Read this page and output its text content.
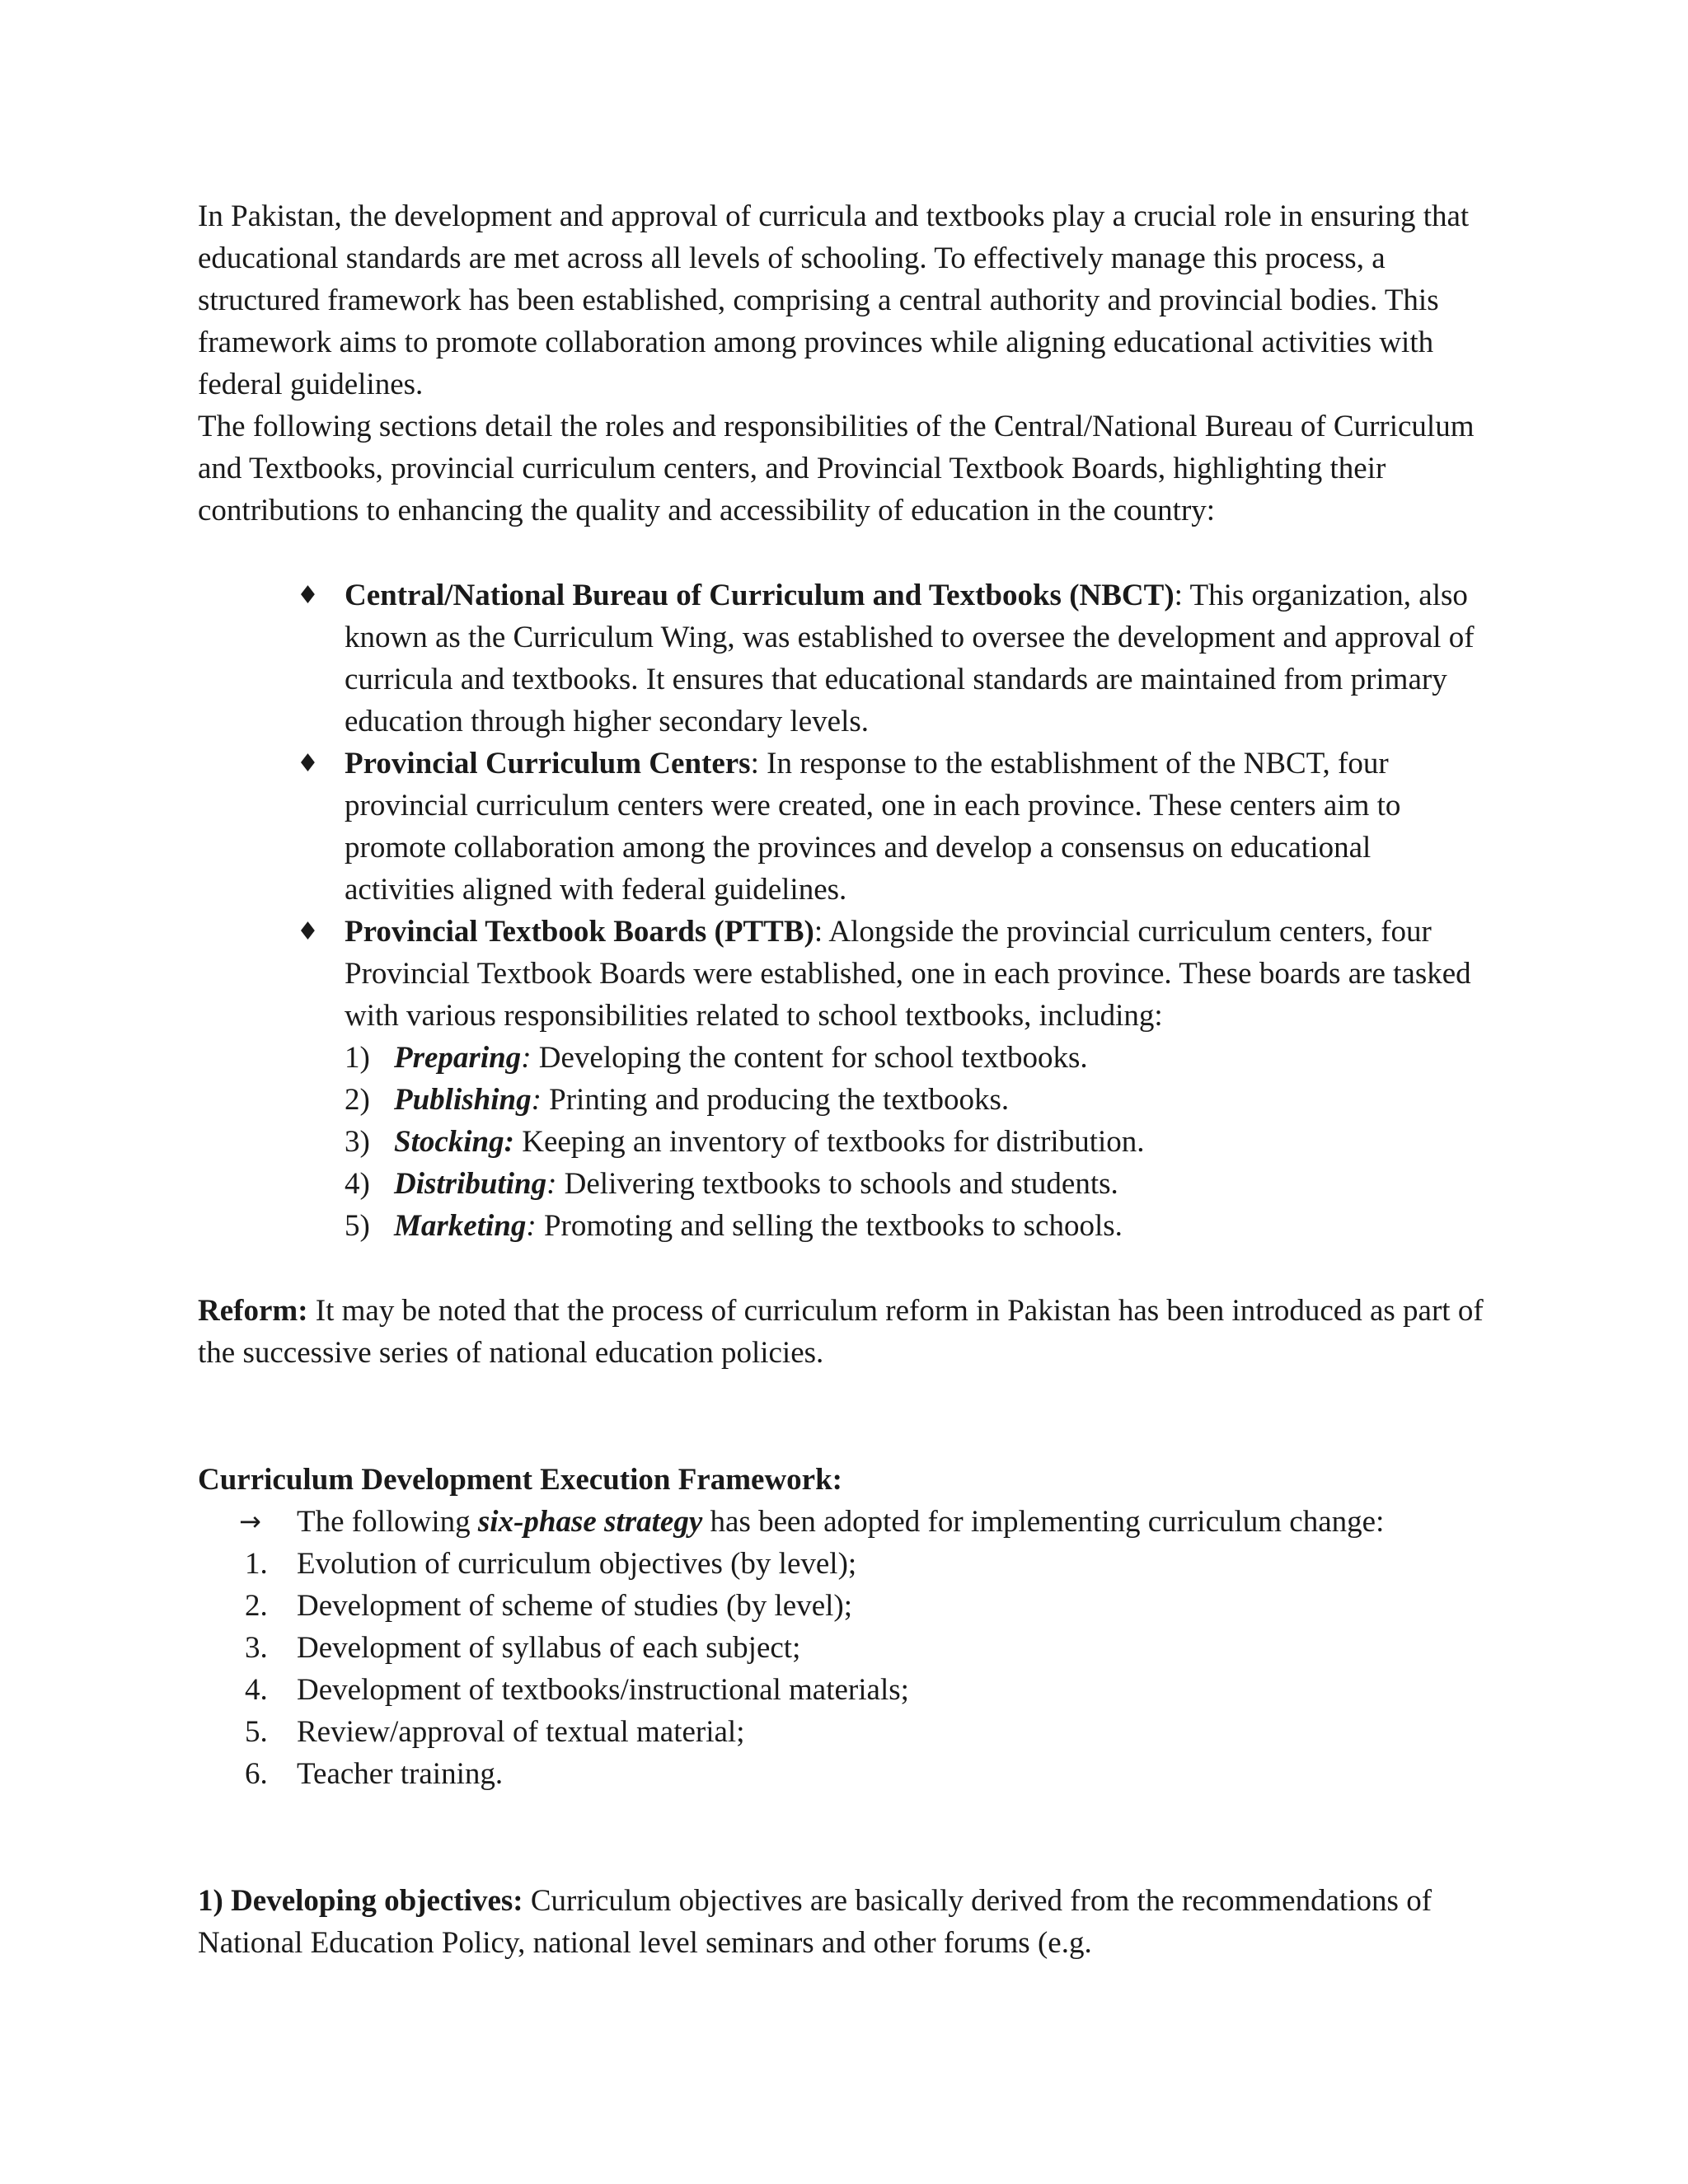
In Pakistan, the development and approval of curricula and textbooks play a crucial role in ensuring that educational standards are met across all levels of schooling. To effectively manage this process, a structured framework has been established, comprising a central authority and provincial bodies. This framework aims to promote collaboration among provinces while aligning educational activities with federal guidelines.

The following sections detail the roles and responsibilities of the Central/National Bureau of Curriculum and Textbooks, provincial curriculum centers, and Provincial Textbook Boards, highlighting their contributions to enhancing the quality and accessibility of education in the country:

♦ Central/National Bureau of Curriculum and Textbooks (NBCT): This organization, also known as the Curriculum Wing, was established to oversee the development and approval of curricula and textbooks. It ensures that educational standards are maintained from primary education through higher secondary levels.
♦ Provincial Curriculum Centers: In response to the establishment of the NBCT, four provincial curriculum centers were created, one in each province. These centers aim to promote collaboration among the provinces and develop a consensus on educational activities aligned with federal guidelines.
♦ Provincial Textbook Boards (PTTB): Alongside the provincial curriculum centers, four Provincial Textbook Boards were established, one in each province. These boards are tasked with various responsibilities related to school textbooks, including:
1) Preparing: Developing the content for school textbooks.
2) Publishing: Printing and producing the textbooks.
3) Stocking: Keeping an inventory of textbooks for distribution.
4) Distributing: Delivering textbooks to schools and students.
5) Marketing: Promoting and selling the textbooks to schools.

Reform: It may be noted that the process of curriculum reform in Pakistan has been introduced as part of the successive series of national education policies.

Curriculum Development Execution Framework:

→ The following six-phase strategy has been adopted for implementing curriculum change:

1. Evolution of curriculum objectives (by level);
2. Development of scheme of studies (by level);
3. Development of syllabus of each subject;
4. Development of textbooks/instructional materials;
5. Review/approval of textual material;
6. Teacher training.

1) Developing objectives: Curriculum objectives are basically derived from the recommendations of National Education Policy, national level seminars and other forums (e.g.
